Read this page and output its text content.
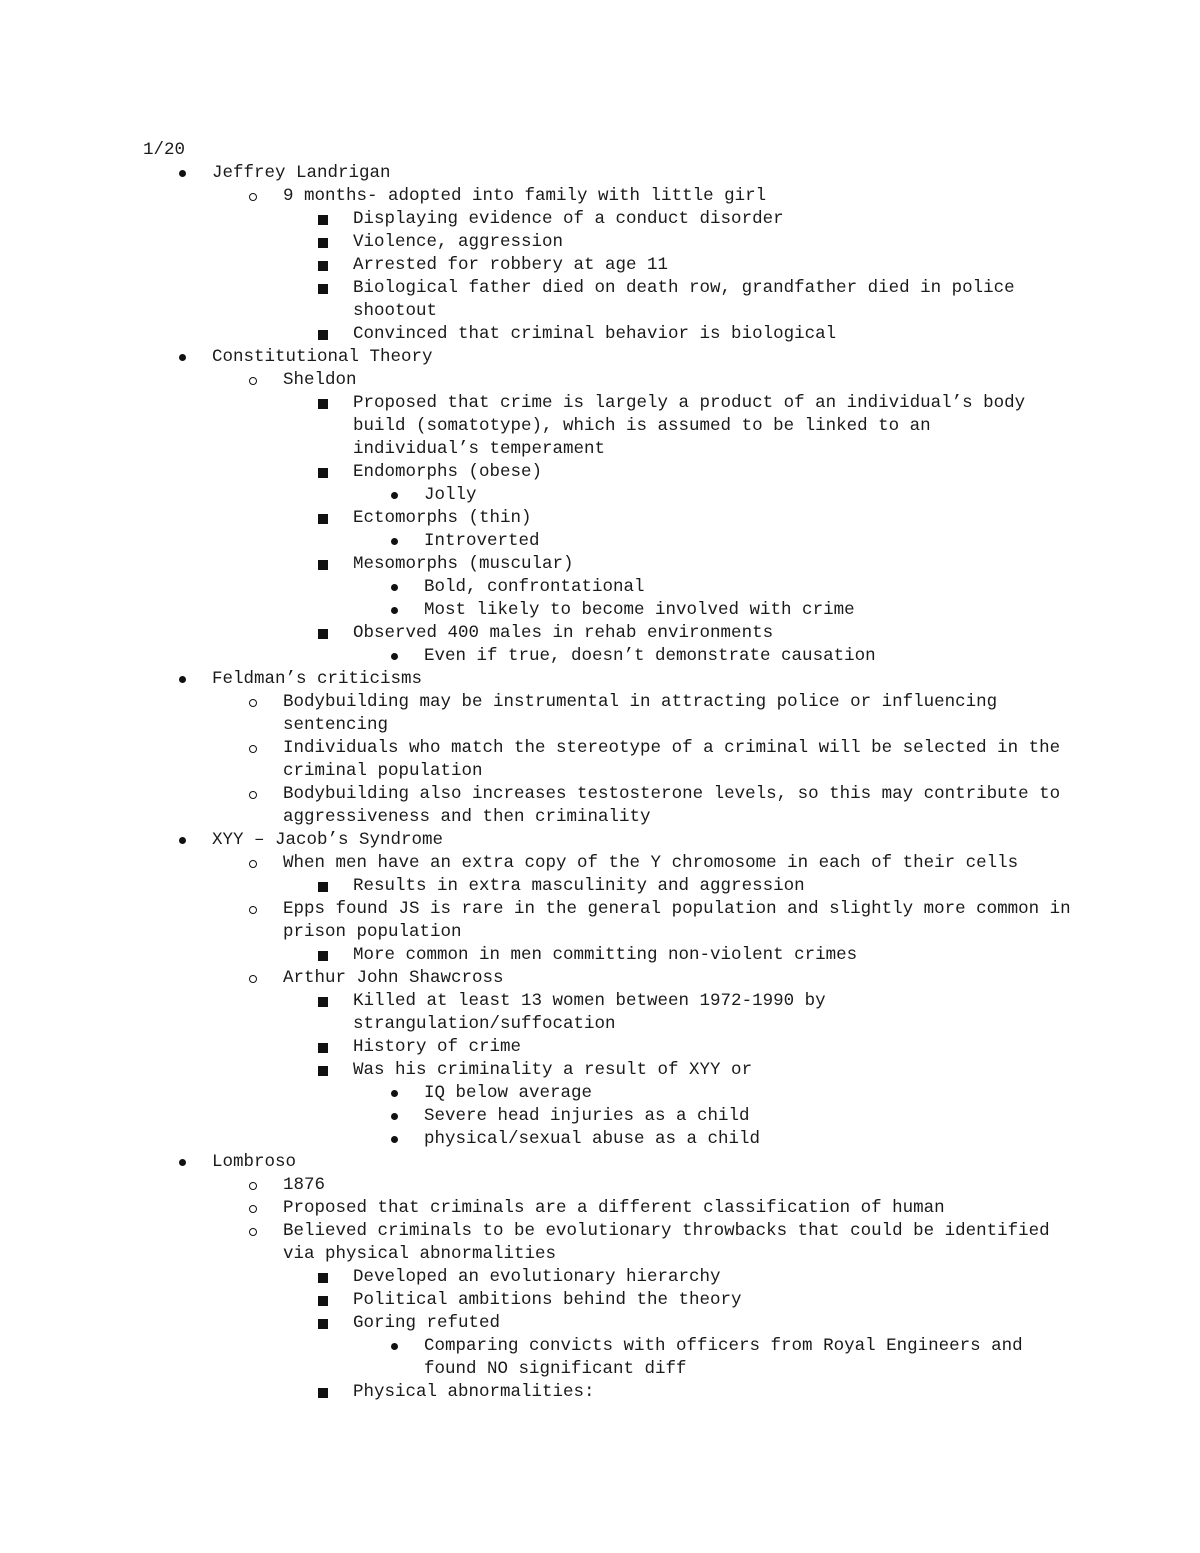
1/20
Jeffrey Landrigan
9 months- adopted into family with little girl
Displaying evidence of a conduct disorder
Violence, aggression
Arrested for robbery at age 11
Biological father died on death row, grandfather died in police shootout
Convinced that criminal behavior is biological
Constitutional Theory
Sheldon
Proposed that crime is largely a product of an individual’s body build (somatotype), which is assumed to be linked to an individual’s temperament
Endomorphs (obese)
Jolly
Ectomorphs (thin)
Introverted
Mesomorphs (muscular)
Bold, confrontational
Most likely to become involved with crime
Observed 400 males in rehab environments
Even if true, doesn’t demonstrate causation
Feldman’s criticisms
Bodybuilding may be instrumental in attracting police or influencing sentencing
Individuals who match the stereotype of a criminal will be selected in the criminal population
Bodybuilding also increases testosterone levels, so this may contribute to aggressiveness and then criminality
XYY – Jacob’s Syndrome
When men have an extra copy of the Y chromosome in each of their cells
Results in extra masculinity and aggression
Epps found JS is rare in the general population and slightly more common in prison population
More common in men committing non-violent crimes
Arthur John Shawcross
Killed at least 13 women between 1972-1990 by strangulation/suffocation
History of crime
Was his criminality a result of XYY or
IQ below average
Severe head injuries as a child
physical/sexual abuse as a child
Lombroso
1876
Proposed that criminals are a different classification of human
Believed criminals to be evolutionary throwbacks that could be identified via physical abnormalities
Developed an evolutionary hierarchy
Political ambitions behind the theory
Goring refuted
Comparing convicts with officers from Royal Engineers and found NO significant diff
Physical abnormalities:
